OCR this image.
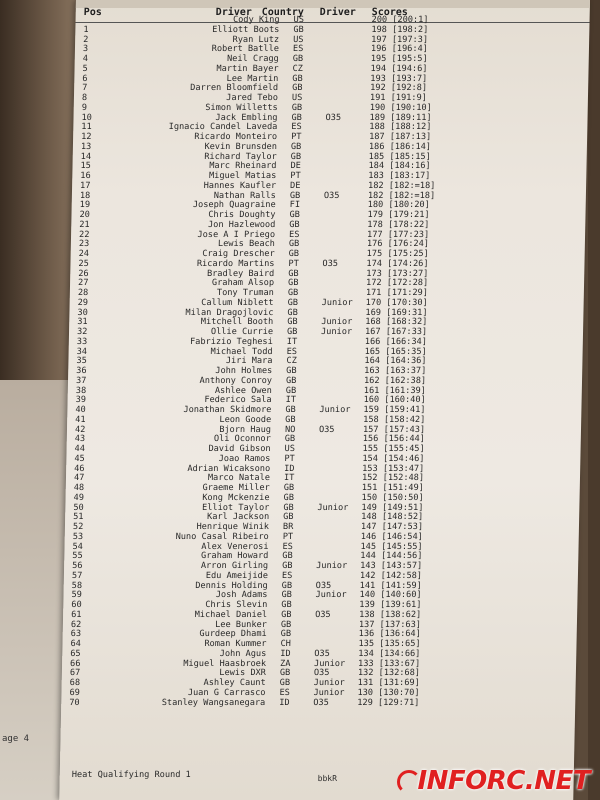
age 4
Pos	Driver Country Driver Scores
Cody King US	200 [200:1]
1	Elliott Boots GB	198 [198:2]
2	Ryan Lutz US	197 [197:3]
3	Robert Batlle ES	196 [196:4]
4	Neil Cragg GB	195 [195:5]
5	Martin Bayer CZ	194 [194:6]
6	Lee Martin GB	193 [193:7]
7	Darren Bloomfield GB	192 [192:8]
8	Jared Tebo US	191 [191:9]
9	Simon Willetts GB	190 [190:10]
10	Jack Embling GB	O35	189 [189:11]
11	Ignacio Candel Laveda ES	188 [188:12]
12	Ricardo Monteiro PT	187 [187:13]
13	Kevin Brunsden GB	186 [186:14]
14	Richard Taylor GB	185 [185:15]
15	Marc Rheinard DE	184 [184:16]
16	Miguel Matias PT	183 [183:17]
17	Hannes Kaufler DE	182 [182:=18]
18	Nathan Ralls GB	O35	182 [182:=18]
19	Joseph Quagraine FI	180 [180:20]
20	Chris Doughty GB	179 [179:21]
21	Jon Hazlewood GB	178 [178:22]
22	Jose A I Priego ES	177 [177:23]
23	Lewis Beach GB	176 [176:24]
24	Craig Drescher GB	175 [175:25]
25	Ricardo Martins PT	O35	174 [174:26]
26	Bradley Baird GB	173 [173:27]
27	Graham Alsop GB	172 [172:28]
28	Tony Truman GB	171 [171:29]
29	Callum Niblett GB	Junior 170 [170:30]
30	Milan Dragojlovic GB	169 [169:31]
31	Mitchell Booth GB	Junior 168 [168:32]
32	Ollie Currie GB	Junior 167 [167:33]
33	Fabrizio Teghesi IT	166 [166:34]
34	Michael Todd ES	165 [165:35]
35	Jiri Mara CZ	164 [164:36]
36	John Holmes GB	163 [163:37]
37	Anthony Conroy GB	162 [162:38]
38	Ashlee Owen GB	161 [161:39]
39	Federico Sala IT	160 [160:40]
40	Jonathan Skidmore GB	Junior 159 [159:41]
41	Leon Goode GB	158 [158:42]
42	Bjorn Haug NO	O35	157 [157:43]
43	Oli Oconnor GB	156 [156:44]
44	David Gibson US	155 [155:45]
45	Joao Ramos PT	154 [154:46]
46	Adrian Wicaksono ID	153 [153:47]
47	Marco Natale IT	152 [152:48]
48	Graeme Miller GB	151 [151:49]
49	Kong Mckenzie GB	150 [150:50]
50	Elliot Taylor GB	Junior 149 [149:51]
51	Karl Jackson GB	148 [148:52]
52	Henrique Winik BR	147 [147:53]
53	Nuno Casal Ribeiro PT	146 [146:54]
54	Alex Venerosi ES	145 [145:55]
55	Graham Howard GB	144 [144:56]
56	Arron Girling GB	Junior 143 [143:57]
57	Edu Ameijide ES	142 [142:58]
58	Dennis Holding GB	O35	141 [141:59]
59	Josh Adams GB	Junior 140 [140:60]
60	Chris Slevin GB	139 [139:61]
61	Michael Daniel GB	O35	138 [138:62]
62	Lee Bunker GB	137 [137:63]
63	Gurdeep Dhami GB	136 [136:64]
64	Roman Kummer CH	135 [135:65]
65	John Agus ID	O35	134 [134:66]
66	Miguel Haasbroek ZA	Junior 133 [133:67]
67	Lewis DXR GB	O35	132 [132:68]
68	Ashley Caunt GB	Junior 131 [131:69]
69	Juan G Carrasco ES	Junior 130 [130:70]
70	Stanley Wangsanegara ID	O35	129 [129:71]
Heat Qualifying Round 1	bbkR	INFORC.NET
